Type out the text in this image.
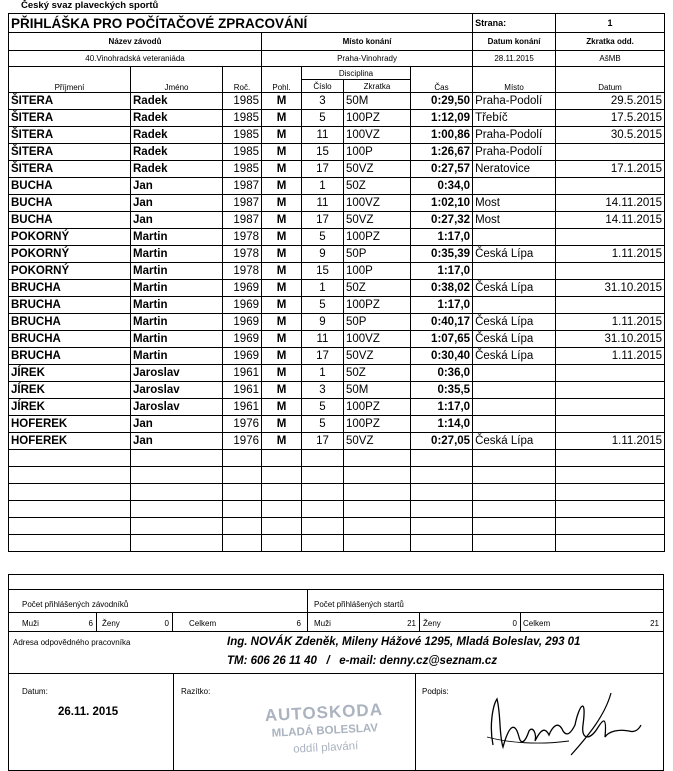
Český svaz plaveckých sportů
PŘIHLÁŠKA PRO POČÍTAČOVÉ ZPRACOVÁNÍ							Strana:	1
Název závodů			Místo konání				Datum konání	Zkratka odd.
40.Vinohradská veteraniáda			Praha-Vinohrady				28.11.2015	AšMB
Příjmení	Jméno	Roč.	Pohl.	Disciplina		Čas	Místo	Datum
				Číslo	Zkratka			
ŠITERA	Radek	1985	M	3	50M	0:29,50	Praha-Podolí	29.5.2015
ŠITERA	Radek	1985	M	5	100PZ	1:12,09	Třebíč	17.5.2015
ŠITERA	Radek	1985	M	11	100VZ	1:00,86	Praha-Podolí	30.5.2015
ŠITERA	Radek	1985	M	15	100P	1:26,67	Praha-Podolí	
ŠITERA	Radek	1985	M	17	50VZ	0:27,57	Neratovice	17.1.2015
BUCHA	Jan	1987	M	1	50Z	0:34,0		
BUCHA	Jan	1987	M	11	100VZ	1:02,10	Most	14.11.2015
BUCHA	Jan	1987	M	17	50VZ	0:27,32	Most	14.11.2015
POKORNÝ	Martin	1978	M	5	100PZ	1:17,0		
POKORNÝ	Martin	1978	M	9	50P	0:35,39	Česká Lípa	1.11.2015
POKORNÝ	Martin	1978	M	15	100P	1:17,0		
BRUCHA	Martin	1969	M	1	50Z	0:38,02	Česká Lípa	31.10.2015
BRUCHA	Martin	1969	M	5	100PZ	1:17,0		
BRUCHA	Martin	1969	M	9	50P	0:40,17	Česká Lípa	1.11.2015
BRUCHA	Martin	1969	M	11	100VZ	1:07,65	Česká Lípa	31.10.2015
BRUCHA	Martin	1969	M	17	50VZ	0:30,40	Česká Lípa	1.11.2015
JÍREK	Jaroslav	1961	M	1	50Z	0:36,0		
JÍREK	Jaroslav	1961	M	3	50M	0:35,5		
JÍREK	Jaroslav	1961	M	5	100PZ	1:17,0		
HOFEREK	Jan	1976	M	5	100PZ	1:14,0		
HOFEREK	Jan	1976	M	17	50VZ	0:27,05	Česká Lípa	1.11.2015

Počet přihlášených závodníků	Počet přihlášených startů
Muži	6 Ženy	0	Celkem	6 Muži	21 Ženy	0 Celkem	21
Adresa odpovědného pracovníka	Ing. NOVÁK Zdeněk, Mileny Hážové 1295, Mladá Boleslav, 293 01
TM: 606 26 11 40   /   e-mail: denny.cz@seznam.cz
Datum:
26.11. 2015
Razítko:	Podpis:
AUTOSKODA
MLADÁ BOLESLAV
oddíl plavání
